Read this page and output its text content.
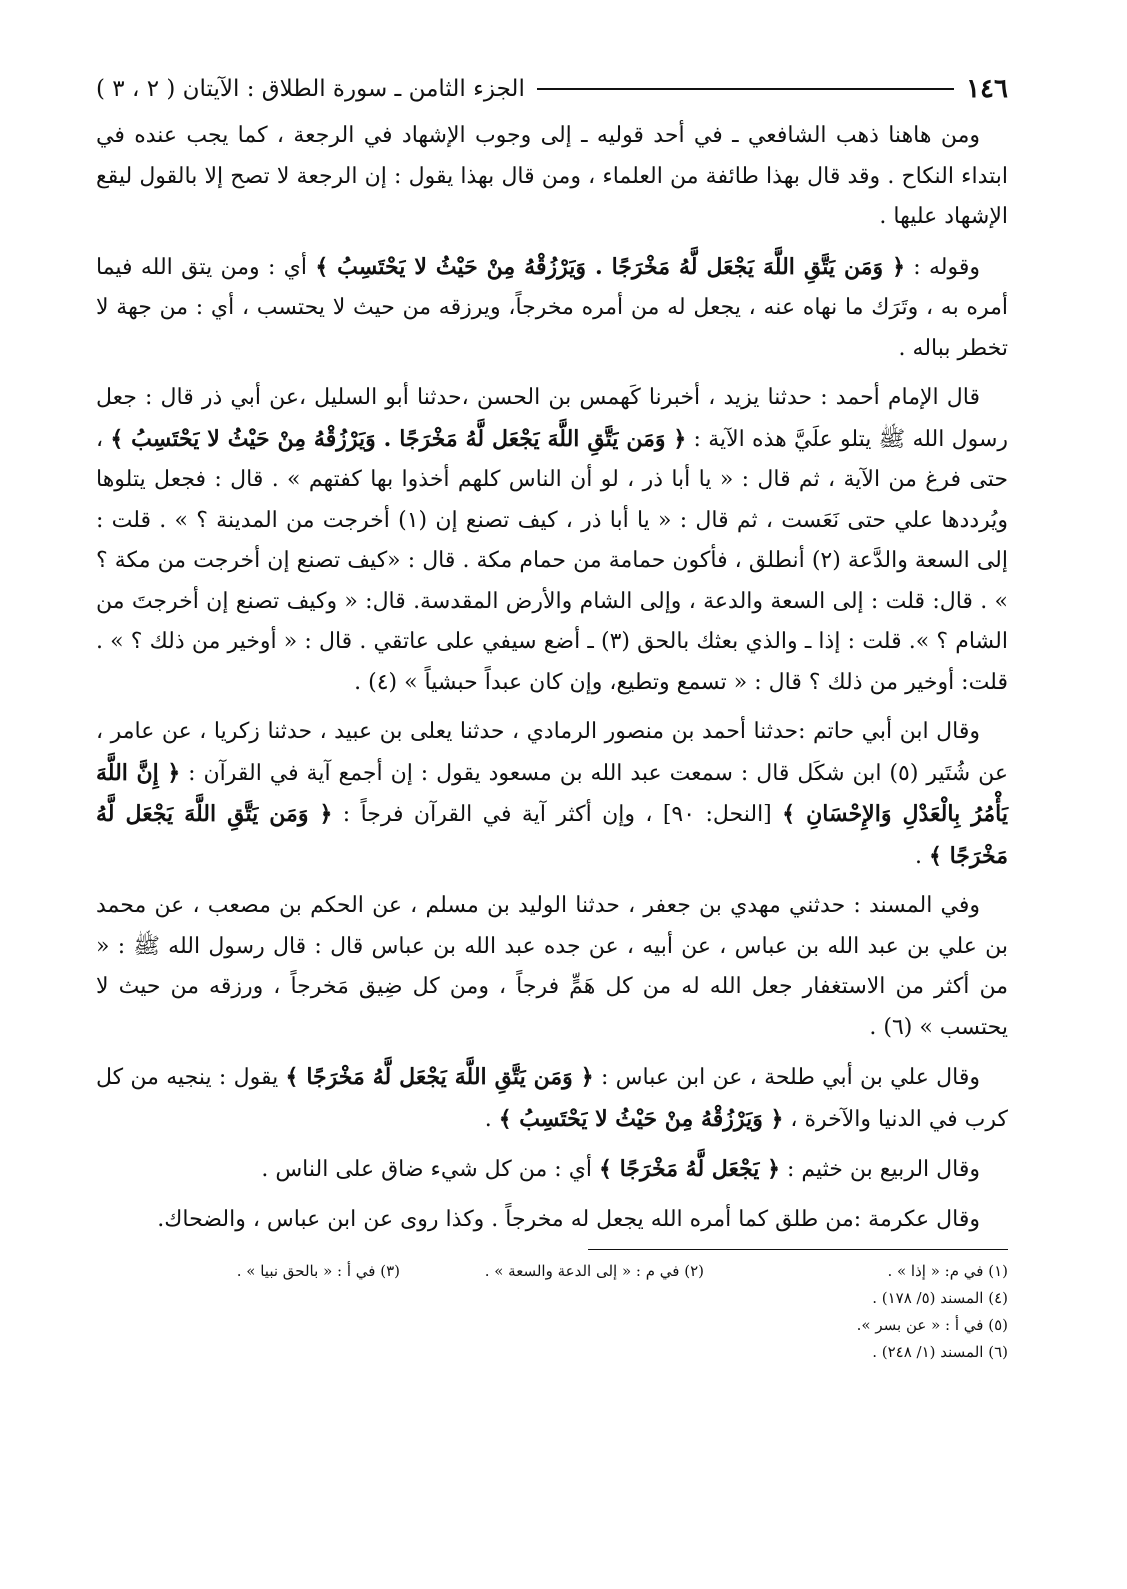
١٤٦
الجزء الثامن ـ سورة الطلاق : الآيتان ( ٢ ، ٣ )

ومن هاهنا ذهب الشافعي ـ في أحد قوليه ـ إلى وجوب الإشهاد في الرجعة ، كما يجب عنده في ابتداء النكاح . وقد قال بهذا طائفة من العلماء ، ومن قال بهذا يقول : إن الرجعة لا تصح إلا بالقول ليقع الإشهاد عليها .

وقوله : ﴿ وَمَن يَتَّقِ اللَّهَ يَجْعَل لَّهُ مَخْرَجًا . وَيَرْزُقْهُ مِنْ حَيْثُ لا يَحْتَسِبُ ﴾ أي : ومن يتق الله فيما أمره به ، وتَرَك ما نهاه عنه ، يجعل له من أمره مخرجاً، ويرزقه من حيث لا يحتسب ، أي : من جهة لا تخطر بباله .

قال الإمام أحمد : حدثنا يزيد ، أخبرنا كَهمس بن الحسن ،حدثنا أبو السليل ،عن أبي ذر قال : جعل رسول الله ﷺ يتلو علَيَّ هذه الآية : ﴿ وَمَن يَتَّقِ اللَّهَ يَجْعَل لَّهُ مَخْرَجًا . وَيَرْزُقْهُ مِنْ حَيْثُ لا يَحْتَسِبُ ﴾ ، حتى فرغ من الآية ، ثم قال : « يا أبا ذر ، لو أن الناس كلهم أخذوا بها كفتهم » . قال : فجعل يتلوها ويُرددها علي حتى نَعَست ، ثم قال : « يا أبا ذر ، كيف تصنع إن (١) أخرجت من المدينة ؟ » . قلت : إلى السعة والدَّعة (٢) أنطلق ، فأكون حمامة من حمام مكة . قال : «كيف تصنع إن أخرجت من مكة ؟ » . قال: قلت : إلى السعة والدعة ، وإلى الشام والأرض المقدسة. قال: « وكيف تصنع إن أخرجتَ من الشام ؟ ». قلت : إذا ـ والذي بعثك بالحق (٣) ـ أضع سيفي على عاتقي . قال : « أوخير من ذلك ؟ » . قلت: أوخير من ذلك ؟ قال : « تسمع وتطيع، وإن كان عبداً حبشياً » (٤) .

وقال ابن أبي حاتم :حدثنا أحمد بن منصور الرمادي ، حدثنا يعلى بن عبيد ، حدثنا زكريا ، عن عامر ، عن شُتَير (٥) ابن شكَل قال : سمعت عبد الله بن مسعود يقول : إن أجمع آية في القرآن : ﴿ إِنَّ اللَّهَ يَأْمُرُ بِالْعَدْلِ وَالإِحْسَانِ ﴾ [النحل: ٩٠] ، وإن أكثر آية في القرآن فرجاً : ﴿ وَمَن يَتَّقِ اللَّهَ يَجْعَل لَّهُ مَخْرَجًا ﴾ .

وفي المسند : حدثني مهدي بن جعفر ، حدثنا الوليد بن مسلم ، عن الحكم بن مصعب ، عن محمد بن علي بن عبد الله بن عباس ، عن أبيه ، عن جده عبد الله بن عباس قال : قال رسول الله ﷺ : « من أكثر من الاستغفار جعل الله له من كل هَمٍّ فرجاً ، ومن كل ضِيق مَخرجاً ، ورزقه من حيث لا يحتسب » (٦) .

وقال علي بن أبي طلحة ، عن ابن عباس : ﴿ وَمَن يَتَّقِ اللَّهَ يَجْعَل لَّهُ مَخْرَجًا ﴾ يقول : ينجيه من كل كرب في الدنيا والآخرة ، ﴿ وَيَرْزُقْهُ مِنْ حَيْثُ لا يَحْتَسِبُ ﴾ .

وقال الربيع بن خثيم : ﴿ يَجْعَل لَّهُ مَخْرَجًا ﴾ أي : من كل شيء ضاق على الناس .

وقال عكرمة :من طلق كما أمره الله يجعل له مخرجاً . وكذا روى عن ابن عباس ، والضحاك.

(١) في م: « إذا » .
(٢) في م : « إلى الدعة والسعة » .
(٣) في أ : « بالحق نبيا » .
(٤) المسند (٥/ ١٧٨) .
(٥) في أ : « عن بسر ».
(٦) المسند (١/ ٢٤٨) .
